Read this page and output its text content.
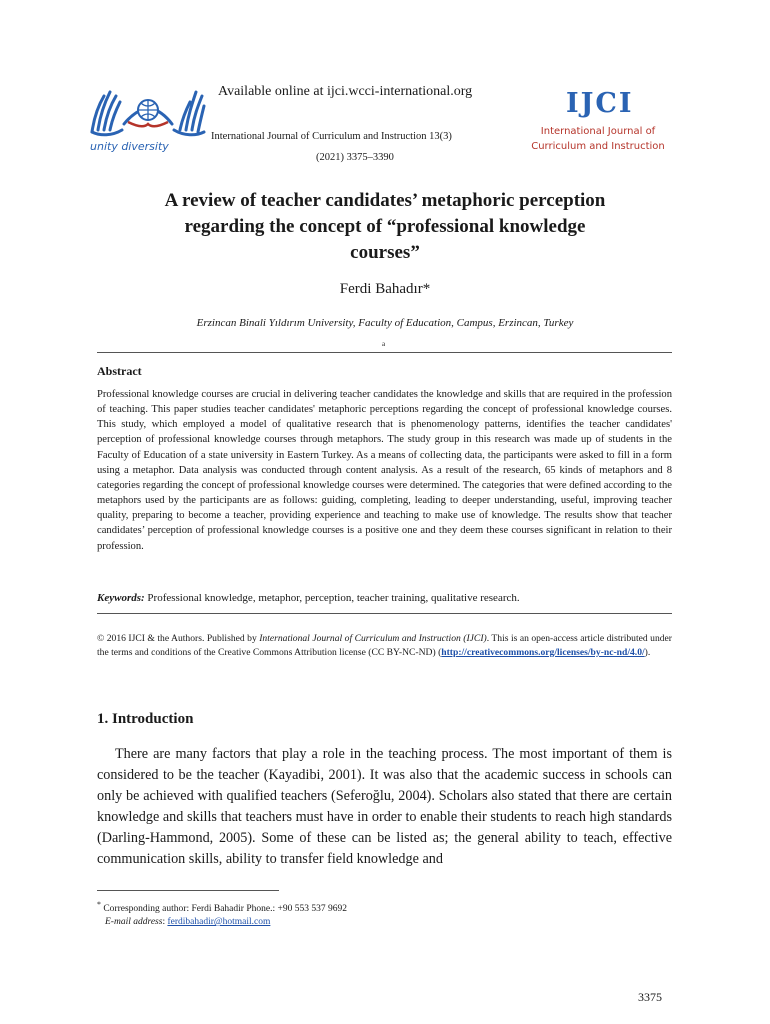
unity diversity
Available online at ijci.wcci-international.org
International Journal of Curriculum and Instruction 13(3)
(2021) 3375–3390
IJCI
International Journal of
Curriculum and Instruction
A review of teacher candidates’ metaphoric perception
regarding the concept of “professional knowledge
courses”
Ferdi Bahadır*
Erzincan Binali Yıldırım University, Faculty of Education, Campus, Erzincan, Turkey
a
Abstract
Professional knowledge courses are crucial in delivering teacher candidates the knowledge and skills that are required in the profession of teaching. This paper studies teacher candidates' metaphoric perceptions regarding the concept of professional knowledge courses. This study, which employed a model of qualitative research that is phenomenology patterns, identifies the teacher candidates' perception of professional knowledge courses through metaphors. The study group in this research was made up of students in the Faculty of Education of a state university in Eastern Turkey. As a means of collecting data, the participants were asked to fill in a form using a metaphor. Data analysis was conducted through content analysis. As a result of the research, 65 kinds of metaphors and 8 categories regarding the concept of professional knowledge courses were determined. The categories that were defined according to the metaphors used by the participants are as follows: guiding, completing, leading to deeper understanding, useful, improving teacher quality, preparing to become a teacher, providing experience and teaching to make use of knowledge. The results show that teacher candidates’ perception of professional knowledge courses is a positive one and they deem these courses significant in relation to their profession.
Keywords: Professional knowledge, metaphor, perception, teacher training, qualitative research.
© 2016 IJCI & the Authors. Published by International Journal of Curriculum and Instruction (IJCI). This is an open-access article distributed under the terms and conditions of the Creative Commons Attribution license (CC BY-NC-ND) (http://creativecommons.org/licenses/by-nc-nd/4.0/).
1. Introduction
There are many factors that play a role in the teaching process. The most important of them is considered to be the teacher (Kayadibi, 2001). It was also that the academic success in schools can only be achieved with qualified teachers (Seferoğlu, 2004). Scholars also stated that there are certain knowledge and skills that teachers must have in order to enable their students to reach high standards (Darling-Hammond, 2005). Some of these can be listed as; the general ability to teach, effective communication skills, ability to transfer field knowledge and
* Corresponding author: Ferdi Bahadir Phone.: +90 553 537 9692
E-mail address: ferdibahadir@hotmail.com
3375
